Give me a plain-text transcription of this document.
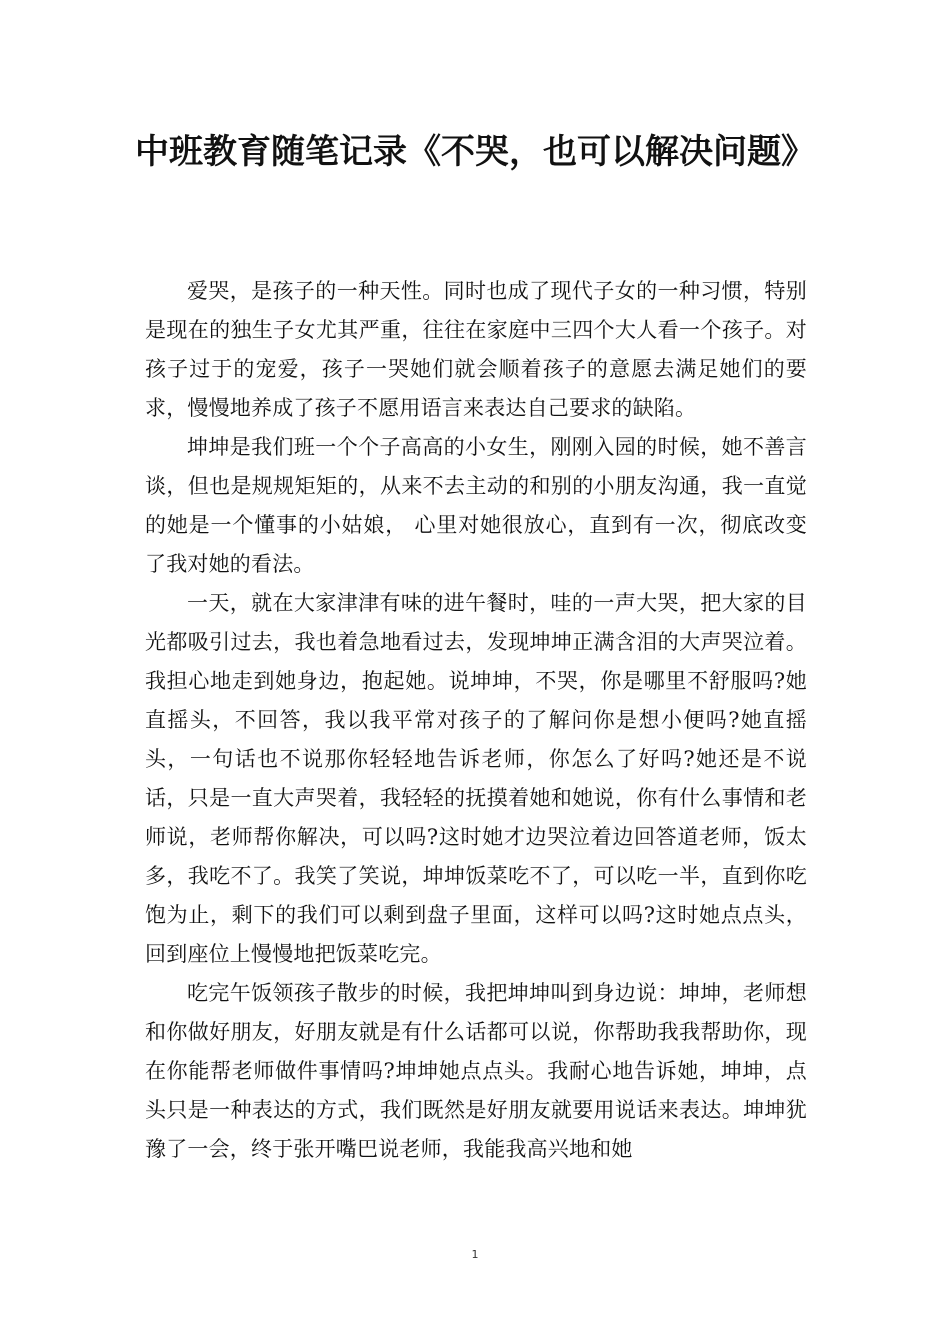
中班教育随笔记录《不哭，也可以解决问题》

爱哭，是孩子的一种天性。同时也成了现代子女的一种习惯，特别是现在的独生子女尤其严重，往往在家庭中三四个大人看一个孩子。对孩子过于的宠爱，孩子一哭她们就会顺着孩子的意愿去满足她们的要求，慢慢地养成了孩子不愿用语言来表达自己要求的缺陷。

坤坤是我们班一个个子高高的小女生，刚刚入园的时候，她不善言谈，但也是规规矩矩的，从来不去主动的和别的小朋友沟通，我一直觉的她是一个懂事的小姑娘， 心里对她很放心，直到有一次，彻底改变了我对她的看法。

一天，就在大家津津有味的进午餐时，哇的一声大哭，把大家的目光都吸引过去，我也着急地看过去，发现坤坤正满含泪的大声哭泣着。我担心地走到她身边，抱起她。说坤坤，不哭，你是哪里不舒服吗?她直摇头，不回答，我以我平常对孩子的了解问你是想小便吗?她直摇头，一句话也不说那你轻轻地告诉老师，你怎么了好吗?她还是不说话，只是一直大声哭着，我轻轻的抚摸着她和她说，你有什么事情和老师说，老师帮你解决，可以吗?这时她才边哭泣着边回答道老师，饭太多，我吃不了。我笑了笑说，坤坤饭菜吃不了，可以吃一半，直到你吃饱为止，剩下的我们可以剩到盘子里面，这样可以吗?这时她点点头，回到座位上慢慢地把饭菜吃完。

吃完午饭领孩子散步的时候，我把坤坤叫到身边说：坤坤，老师想和你做好朋友，好朋友就是有什么话都可以说，你帮助我我帮助你，现在你能帮老师做件事情吗?坤坤她点点头。我耐心地告诉她，坤坤，点头只是一种表达的方式，我们既然是好朋友就要用说话来表达。坤坤犹豫了一会，终于张开嘴巴说老师，我能我高兴地和她

1
